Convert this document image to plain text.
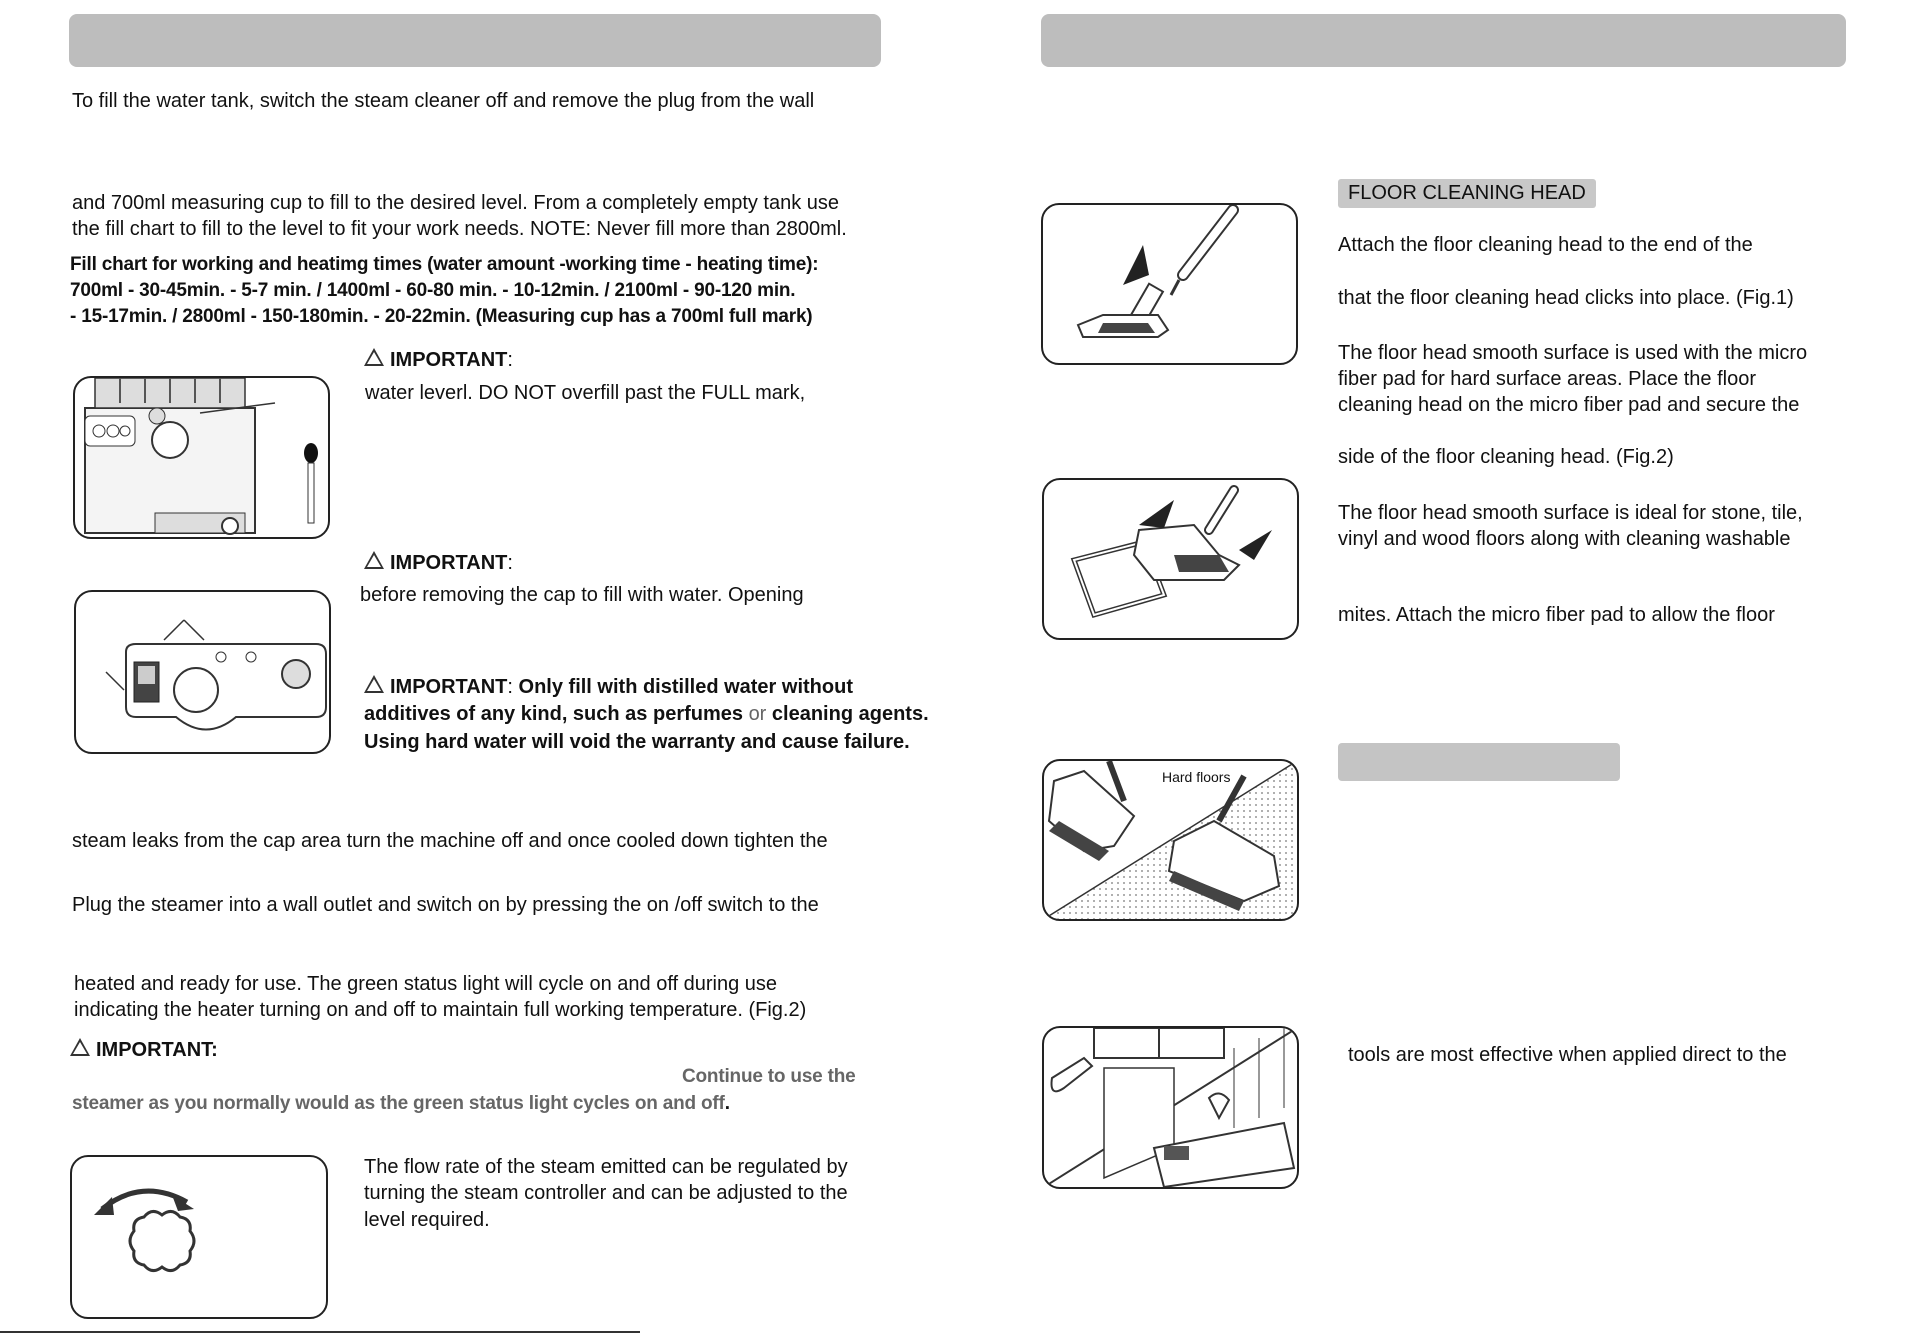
To fill the water tank, switch the steam cleaner off and remove the plug from the wall
and 700ml measuring cup to fill to the desired level. From a completely empty tank use
the fill chart to fill to the level to fit your work needs. NOTE: Never fill more than 2800ml.
Fill chart for working and heatimg times (water amount -working time - heating time):
700ml - 30-45min. - 5-7 min. / 1400ml - 60-80 min. - 10-12min. / 2100ml - 90-120 min.
- 15-17min. / 2800ml - 150-180min. - 20-22min. (Measuring cup has a 700ml full mark)
IMPORTANT:
water leverl. DO NOT overfill past the FULL mark,
IMPORTANT:
before removing the cap to fill with water. Opening
IMPORTANT: Only fill with distilled water without
additives of any kind, such as perfumes or cleaning agents.
Using hard water will void the warranty and cause failure.
steam leaks from the cap area turn the machine off and once cooled down tighten the
Plug the steamer into a wall outlet and switch on by pressing the on /off switch to the
heated and ready for use. The green status light will cycle on and off during use
indicating the heater turning on and off to maintain full working temperature. (Fig.2)
IMPORTANT:
Continue to use the
steamer as you normally would as the green status light cycles on and off.
The flow rate of the steam emitted can be regulated by
turning the steam controller and can be adjusted to the
level required.
FLOOR CLEANING HEAD
Attach the floor cleaning head to the end of the
that the floor cleaning head clicks into place. (Fig.1)
The floor head smooth surface is used with the micro
fiber pad for hard surface areas. Place the floor
cleaning head on the micro fiber pad and secure the
side of the floor cleaning head. (Fig.2)
The floor head smooth surface is ideal for stone, tile,
vinyl and wood floors along with cleaning washable
mites. Attach the micro fiber pad to allow the floor
Hard floors
tools are most effective when applied direct to the
